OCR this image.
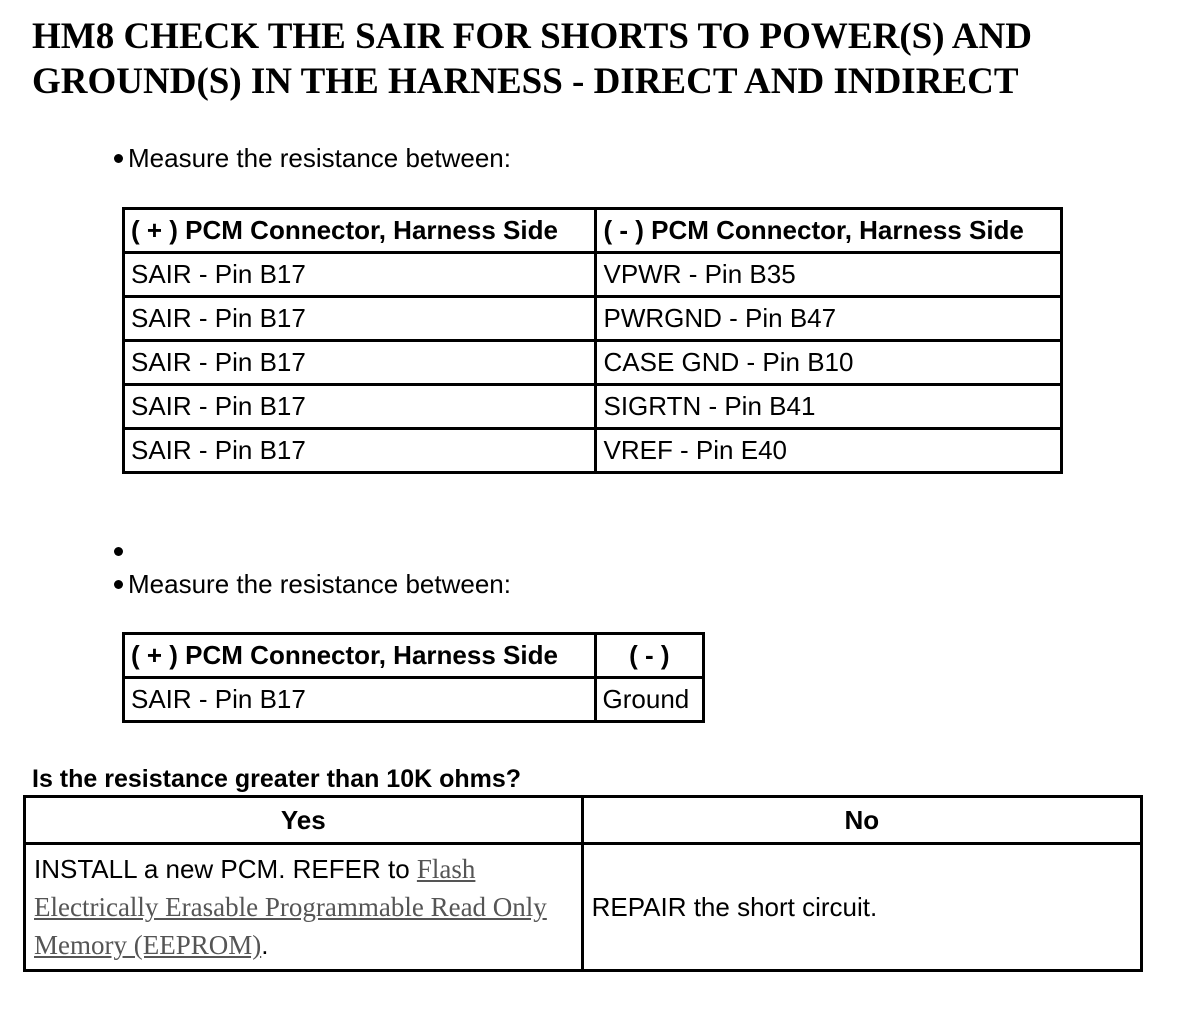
HM8 CHECK THE SAIR FOR SHORTS TO POWER(S) AND GROUND(S) IN THE HARNESS - DIRECT AND INDIRECT
Measure the resistance between:
( + ) PCM Connector, Harness Side	( - ) PCM Connector, Harness Side
SAIR - Pin B17	VPWR - Pin B35
SAIR - Pin B17	PWRGND - Pin B47
SAIR - Pin B17	CASE GND - Pin B10
SAIR - Pin B17	SIGRTN - Pin B41
SAIR - Pin B17	VREF - Pin E40
Measure the resistance between:
( + ) PCM Connector, Harness Side	( - )
SAIR - Pin B17	Ground
Is the resistance greater than 10K ohms?
Yes	No
INSTALL a new PCM. REFER to Flash Electrically Erasable Programmable Read Only Memory (EEPROM).	REPAIR the short circuit.
